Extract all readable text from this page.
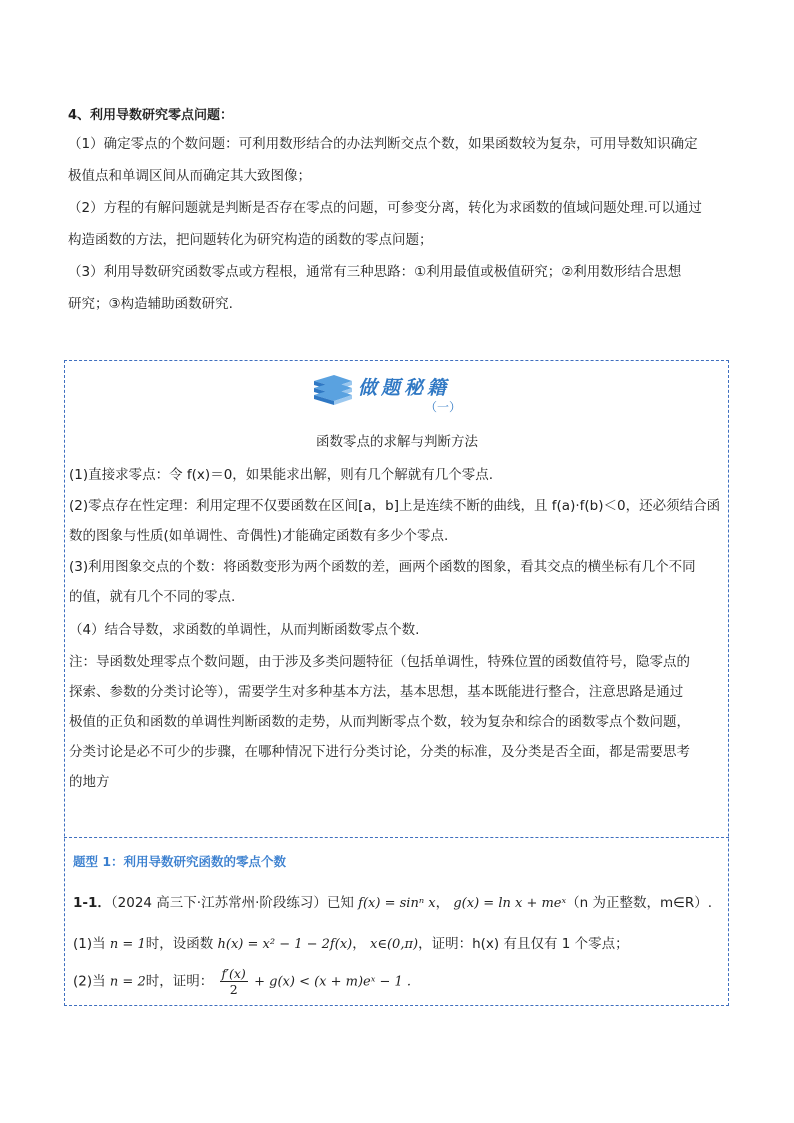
4、利用导数研究零点问题：
（1）确定零点的个数问题：可利用数形结合的办法判断交点个数，如果函数较为复杂，可用导数知识确定
极值点和单调区间从而确定其大致图像；
（2）方程的有解问题就是判断是否存在零点的问题，可参变分离，转化为求函数的值域问题处理.可以通过
构造函数的方法，把问题转化为研究构造的函数的零点问题；
（3）利用导数研究函数零点或方程根，通常有三种思路：①利用最值或极值研究；②利用数形结合思想
研究；③构造辅助函数研究.
做题秘籍
（一）
函数零点的求解与判断方法
(1)直接求零点：令 f(x)＝0，如果能求出解，则有几个解就有几个零点.
(2)零点存在性定理：利用定理不仅要函数在区间[a，b]上是连续不断的曲线，且 f(a)·f(b)＜0，还必须结合函
数的图象与性质(如单调性、奇偶性)才能确定函数有多少个零点.
(3)利用图象交点的个数：将函数变形为两个函数的差，画两个函数的图象，看其交点的横坐标有几个不同
的值，就有几个不同的零点.
（4）结合导数，求函数的单调性，从而判断函数零点个数.
注：导函数处理零点个数问题，由于涉及多类问题特征（包括单调性，特殊位置的函数值符号，隐零点的
探索、参数的分类讨论等），需要学生对多种基本方法，基本思想，基本既能进行整合，注意思路是通过
极值的正负和函数的单调性判断函数的走势，从而判断零点个数，较为复杂和综合的函数零点个数问题，
分类讨论是必不可少的步骤，在哪种情况下进行分类讨论，分类的标准，及分类是否全面，都是需要思考
的地方
题型 1：利用导数研究函数的零点个数
1-1．（2024 高三下·江苏常州·阶段练习）已知 f(x) = sinⁿ x， g(x) = ln x + meˣ（n 为正整数，m∈R）.
(1)当 n = 1时，设函数 h(x) = x² − 1 − 2f(x)， x∈(0,π)，证明：h(x) 有且仅有 1 个零点；
(2)当 n = 2时，证明： $\frac{f'(x)}{2} + g(x) < (x$ + m)eˣ − 1 .
